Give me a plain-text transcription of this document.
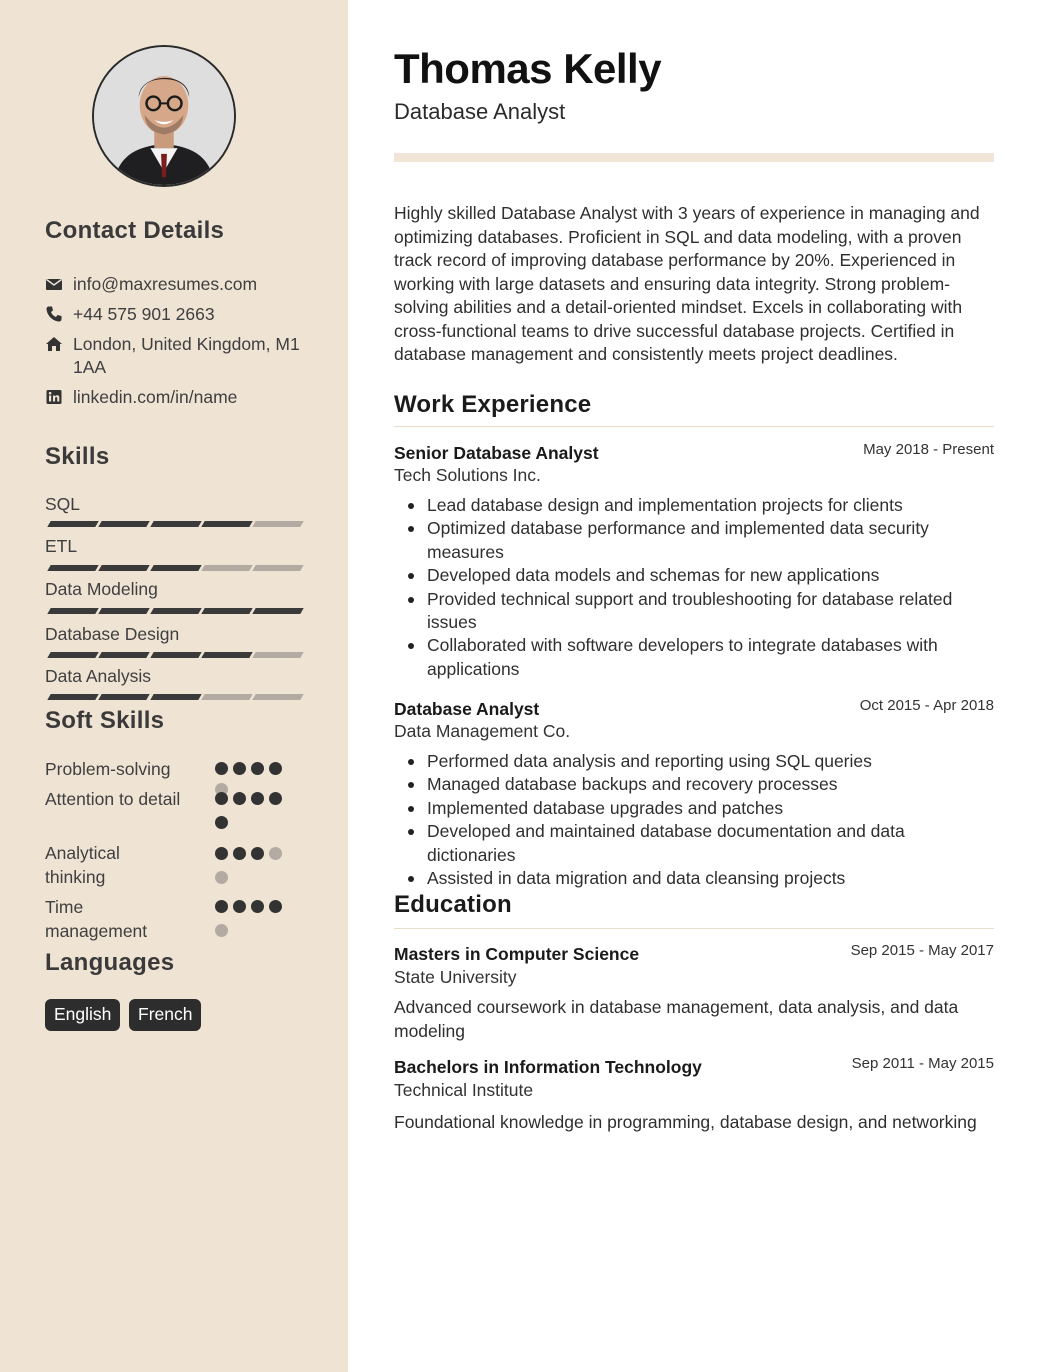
Contact Details
info@maxresumes.com
+44 575 901 2663
London, United Kingdom, M1 1AA
linkedin.com/in/name
Skills
SQL
ETL
Data Modeling
Database Design
Data Analysis
Soft Skills
Problem-solving
Attention to detail
Analytical thinking
Time management
Languages
English	French
Thomas Kelly
Database Analyst

Highly skilled Database Analyst with 3 years of experience in managing and optimizing databases. Proficient in SQL and data modeling, with a proven track record of improving database performance by 20%. Experienced in working with large datasets and ensuring data integrity. Strong problem-solving abilities and a detail-oriented mindset. Excels in collaborating with cross-functional teams to drive successful database projects. Certified in database management and consistently meets project deadlines.

Work Experience
Senior Database Analyst	May 2018 - Present
Tech Solutions Inc.
Lead database design and implementation projects for clients
Optimized database performance and implemented data security measures
Developed data models and schemas for new applications
Provided technical support and troubleshooting for database related issues
Collaborated with software developers to integrate databases with applications
Database Analyst	Oct 2015 - Apr 2018
Data Management Co.
Performed data analysis and reporting using SQL queries
Managed database backups and recovery processes
Implemented database upgrades and patches
Developed and maintained database documentation and data dictionaries
Assisted in data migration and data cleansing projects
Education
Masters in Computer Science	Sep 2015 - May 2017
State University

Advanced coursework in database management, data analysis, and data modeling

Bachelors in Information Technology	Sep 2011 - May 2015
Technical Institute

Foundational knowledge in programming, database design, and networking
